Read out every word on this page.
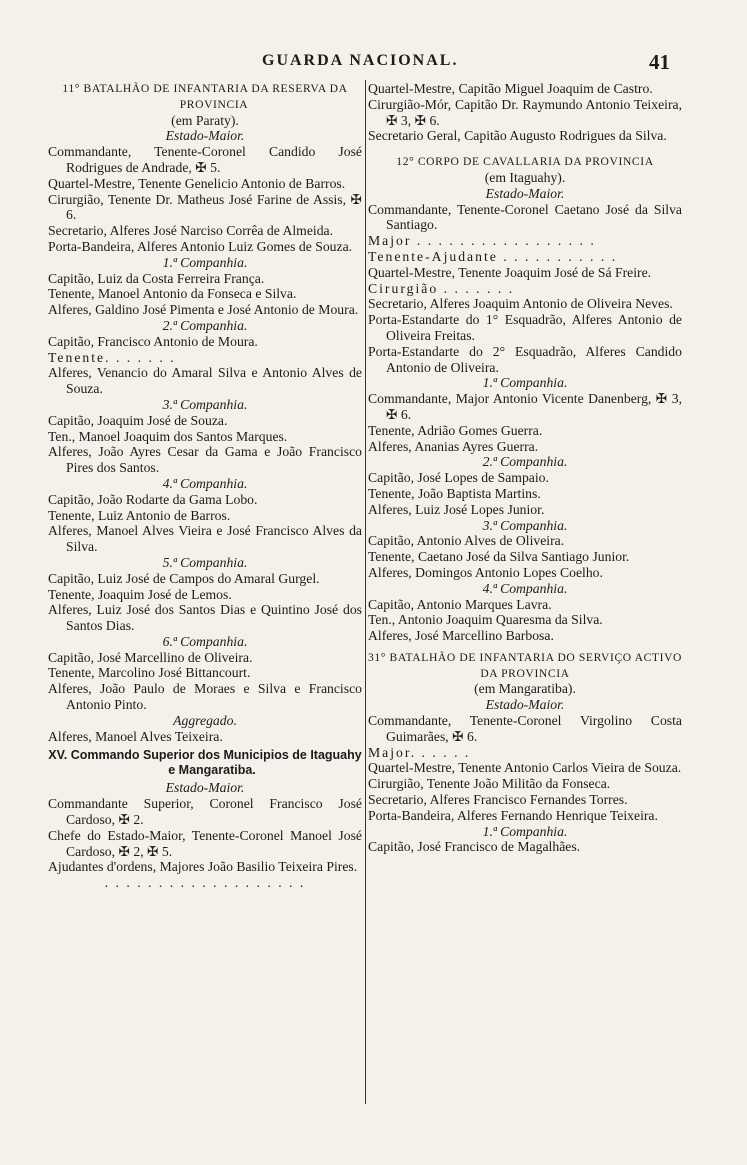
GUARDA NACIONAL.	41

11° BATALHÃO DE INFANTARIA DA RESERVA DA PROVINCIA

(em Paraty).

Estado-Maior.

Commandante, Tenente-Coronel Candido José Rodrigues de Andrade, ✠ 5.

Quartel-Mestre, Tenente Genelicio Antonio de Barros.

Cirurgião, Tenente Dr. Matheus José Farine de Assis, ✠ 6.

Secretario, Alferes José Narciso Corrêa de Almeida.

Porta-Bandeira, Alferes Antonio Luiz Gomes de Souza.

1.ª Companhia.

Capitão, Luiz da Costa Ferreira França.

Tenente, Manoel Antonio da Fonseca e Silva.

Alferes, Galdino José Pimenta e José Antonio de Moura.

2.ª Companhia.

Capitão, Francisco Antonio de Moura.

Tenente. . . . . . .

Alferes, Venancio do Amaral Silva e Antonio Alves de Souza.

3.ª Companhia.

Capitão, Joaquim José de Souza.

Ten., Manoel Joaquim dos Santos Marques.

Alferes, João Ayres Cesar da Gama e João Francisco Pires dos Santos.

4.ª Companhia.

Capitão, João Rodarte da Gama Lobo.

Tenente, Luiz Antonio de Barros.

Alferes, Manoel Alves Vieira e José Francisco Alves da Silva.

5.ª Companhia.

Capitão, Luiz José de Campos do Amaral Gurgel.

Tenente, Joaquim José de Lemos.

Alferes, Luiz José dos Santos Dias e Quintino José dos Santos Dias.

6.ª Companhia.

Capitão, José Marcellino de Oliveira.

Tenente, Marcolino José Bittancourt.

Alferes, João Paulo de Moraes e Silva e Francisco Antonio Pinto.

Aggregado.

Alferes, Manoel Alves Teixeira.

XV. Commando Superior dos Municipios de Itaguahy e Mangaratiba.

Estado-Maior.

Commandante Superior, Coronel Francisco José Cardoso, ✠ 2.

Chefe do Estado-Maior, Tenente-Coronel Manoel José Cardoso, ✠ 2, ✠ 5.

Ajudantes d'ordens, Majores João Basilio Teixeira Pires.

. . . . . . . . . . . . . . . . . . .

Quartel-Mestre, Capitão Miguel Joaquim de Castro.

Cirurgião-Mór, Capitão Dr. Raymundo Antonio Teixeira, ✠ 3, ✠ 6.

Secretario Geral, Capitão Augusto Rodrigues da Silva.

12° CORPO DE CAVALLARIA DA PROVINCIA

(em Itaguahy).

Estado-Maior.

Commandante, Tenente-Coronel Caetano José da Silva Santiago.

Major . . . . . . . . . . . . . . . . .

Tenente-Ajudante . . . . . . . . . . .

Quartel-Mestre, Tenente Joaquim José de Sá Freire.

Cirurgião . . . . . . .

Secretario, Alferes Joaquim Antonio de Oliveira Neves.

Porta-Estandarte do 1° Esquadrão, Alferes Antonio de Oliveira Freitas.

Porta-Estandarte do 2° Esquadrão, Alferes Candido Antonio de Oliveira.

1.ª Companhia.

Commandante, Major Antonio Vicente Danenberg, ✠ 3, ✠ 6.

Tenente, Adrião Gomes Guerra.

Alferes, Ananias Ayres Guerra.

2.ª Companhia.

Capitão, José Lopes de Sampaio.

Tenente, João Baptista Martins.

Alferes, Luiz José Lopes Junior.

3.ª Companhia.

Capitão, Antonio Alves de Oliveira.

Tenente, Caetano José da Silva Santiago Junior.

Alferes, Domingos Antonio Lopes Coelho.

4.ª Companhia.

Capitão, Antonio Marques Lavra.

Ten., Antonio Joaquim Quaresma da Silva.

Alferes, José Marcellino Barbosa.

31° BATALHÃO DE INFANTARIA DO SERVIÇO ACTIVO DA PROVINCIA

(em Mangaratiba).

Estado-Maior.

Commandante, Tenente-Coronel Virgolino Costa Guimarães, ✠ 6.

Major. . . . . .

Quartel-Mestre, Tenente Antonio Carlos Vieira de Souza.

Cirurgião, Tenente João Militão da Fonseca.

Secretario, Alferes Francisco Fernandes Torres.

Porta-Bandeira, Alferes Fernando Henrique Teixeira.

1.ª Companhia.

Capitão, José Francisco de Magalhães.
